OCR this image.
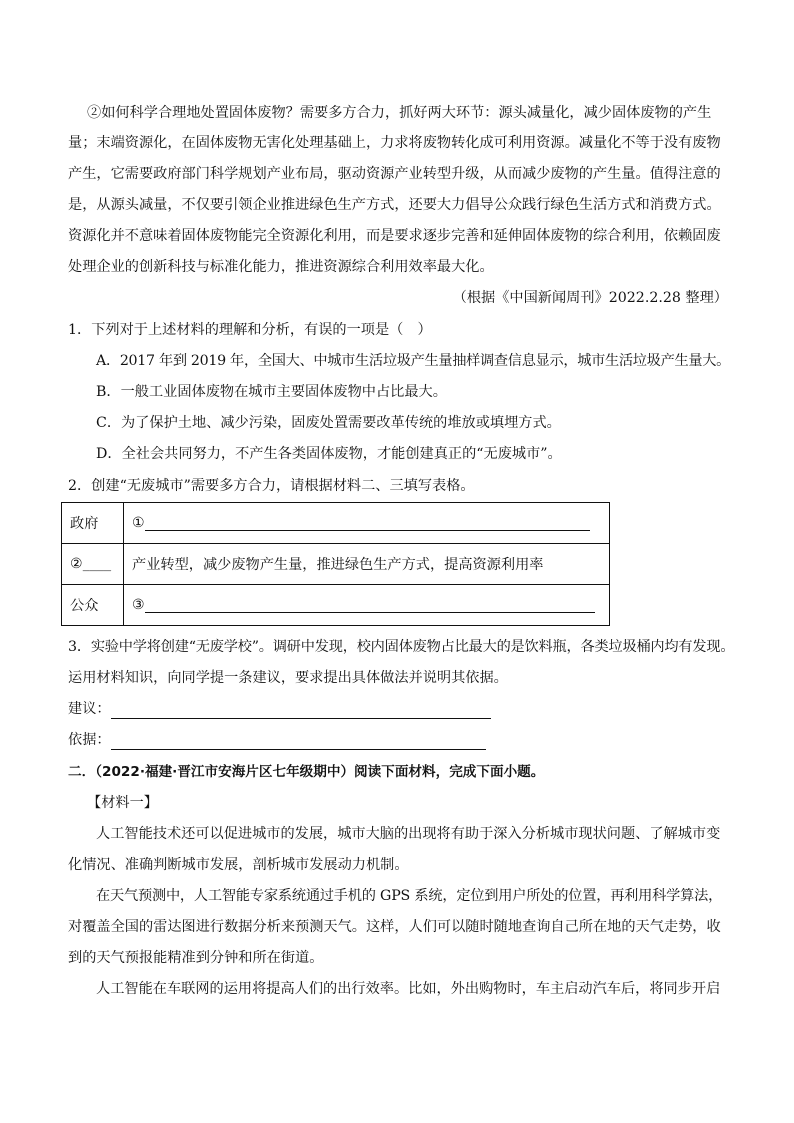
②如何科学合理地处置固体废物？需要多方合力，抓好两大环节：源头减量化，减少固体废物的产生
量；末端资源化，在固体废物无害化处理基础上，力求将废物转化成可利用资源。减量化不等于没有废物
产生，它需要政府部门科学规划产业布局，驱动资源产业转型升级，从而减少废物的产生量。值得注意的
是，从源头减量，不仅要引领企业推进绿色生产方式，还要大力倡导公众践行绿色生活方式和消费方式。
资源化并不意味着固体废物能完全资源化利用，而是要求逐步完善和延伸固体废物的综合利用，依赖固废
处理企业的创新科技与标准化能力，推进资源综合利用效率最大化。
（根据《中国新闻周刊》2022.2.28 整理）
1．下列对于上述材料的理解和分析，有误的一项是（　）
A．2017 年到 2019 年，全国大、中城市生活垃圾产生量抽样调查信息显示，城市生活垃圾产生量大。
B．一般工业固体废物在城市主要固体废物中占比最大。
C．为了保护土地、减少污染，固废处置需要改革传统的堆放或填埋方式。
D．全社会共同努力，不产生各类固体废物，才能创建真正的“无废城市”。
2．创建“无废城市”需要多方合力，请根据材料二、三填写表格。
政府	①
②____	产业转型，减少废物产生量，推进绿色生产方式，提高资源利用率
公众	③
3．实验中学将创建“无废学校”。调研中发现，校内固体废物占比最大的是饮料瓶，各类垃圾桶内均有发现。
运用材料知识，向同学提一条建议，要求提出具体做法并说明其依据。
建议：
依据：
二．（2022·福建·晋江市安海片区七年级期中）阅读下面材料，完成下面小题。
【材料一】
人工智能技术还可以促进城市的发展，城市大脑的出现将有助于深入分析城市现状问题、了解城市变
化情况、准确判断城市发展，剖析城市发展动力机制。
在天气预测中，人工智能专家系统通过手机的 GPS 系统，定位到用户所处的位置，再利用科学算法，
对覆盖全国的雷达图进行数据分析来预测天气。这样，人们可以随时随地查询自己所在地的天气走势，收
到的天气预报能精准到分钟和所在街道。
人工智能在车联网的运用将提高人们的出行效率。比如，外出购物时，车主启动汽车后，将同步开启
